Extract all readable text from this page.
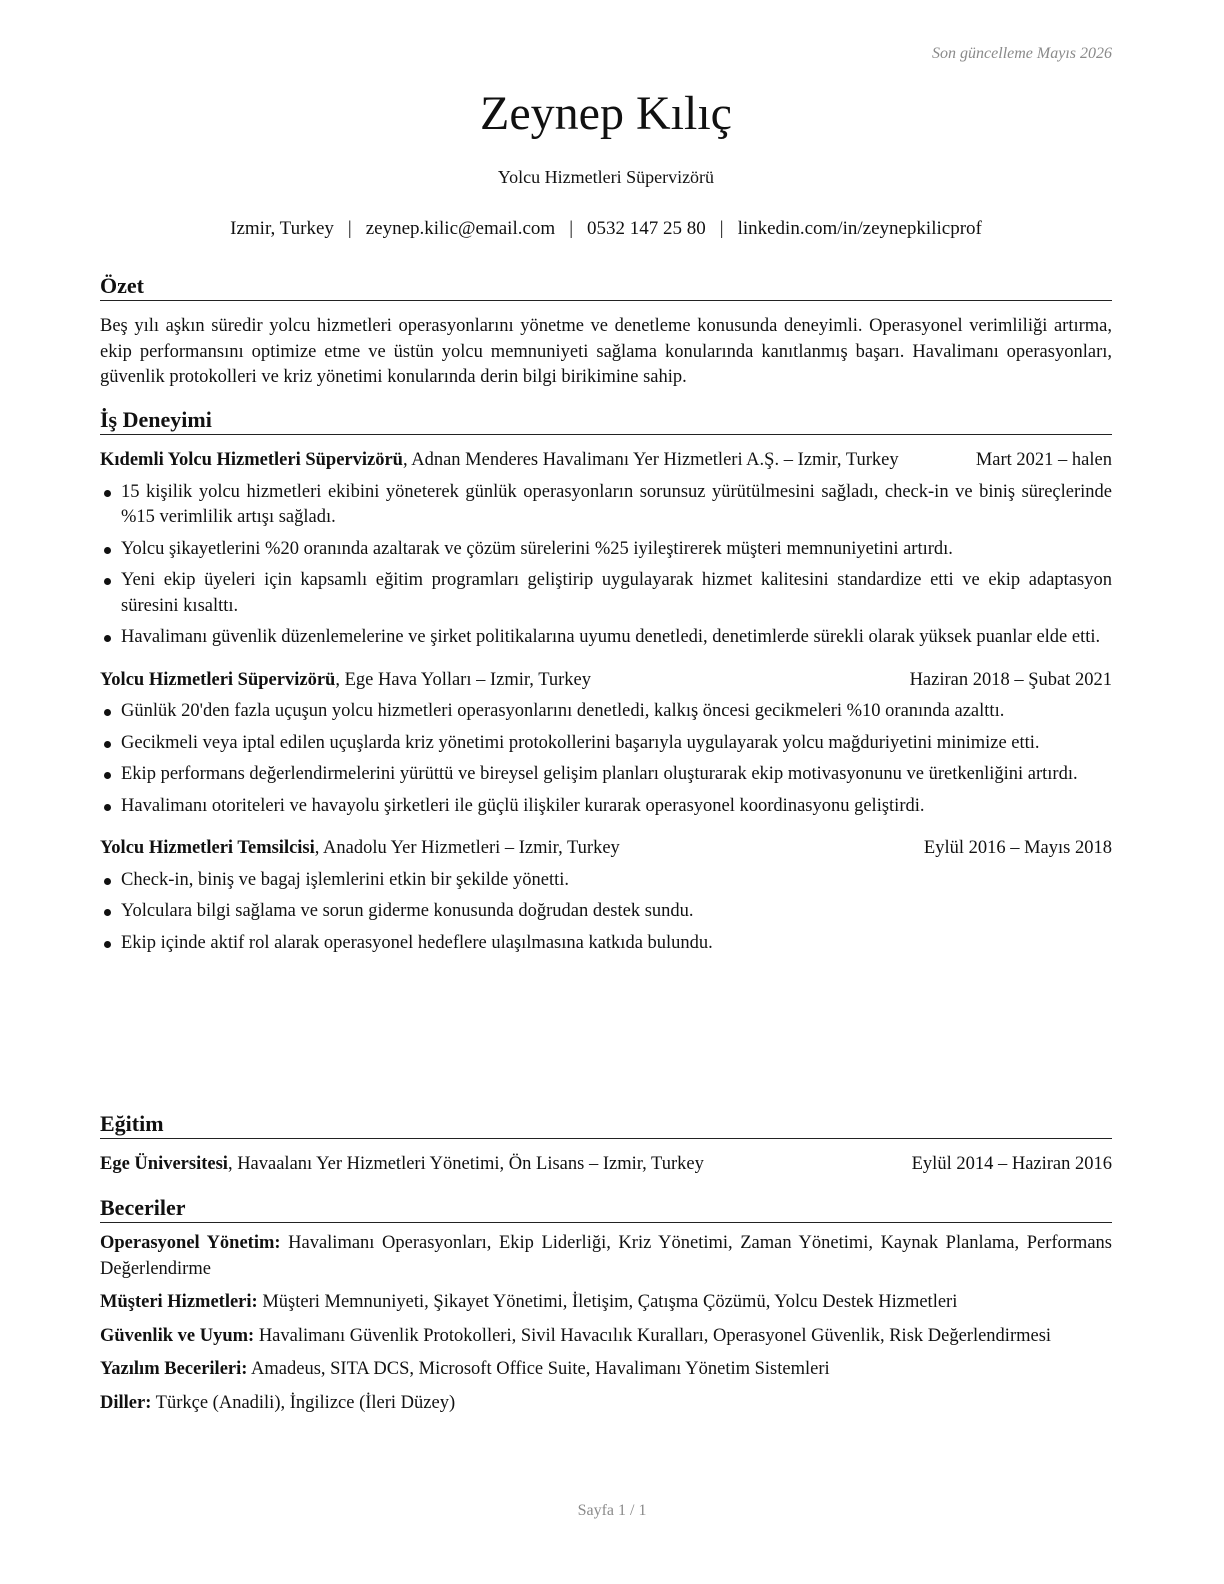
Son güncelleme Mayıs 2026
Zeynep Kılıç
Yolcu Hizmetleri Süpervizörü
Izmir, Turkey | zeynep.kilic@email.com | 0532 147 25 80 | linkedin.com/in/zeynepkilicprof
Özet
Beş yılı aşkın süredir yolcu hizmetleri operasyonlarını yönetme ve denetleme konusunda deneyimli. Operasyonel verimliliği artırma, ekip performansını optimize etme ve üstün yolcu memnuniyeti sağlama konularında kanıtlanmış başarı. Havalimanı operasyonları, güvenlik protokolleri ve kriz yönetimi konularında derin bilgi birikimine sahip.
İş Deneyimi
Kıdemli Yolcu Hizmetleri Süpervizörü, Adnan Menderes Havalimanı Yer Hizmetleri A.Ş. – Izmir, Turkey	Mart 2021 – halen
15 kişilik yolcu hizmetleri ekibini yöneterek günlük operasyonların sorunsuz yürütülmesini sağladı, check-in ve biniş süreçlerinde %15 verimlilik artışı sağladı.
Yolcu şikayetlerini %20 oranında azaltarak ve çözüm sürelerini %25 iyileştirerek müşteri memnuniyetini artırdı.
Yeni ekip üyeleri için kapsamlı eğitim programları geliştirip uygulayarak hizmet kalitesini standardize etti ve ekip adaptasyon süresini kısalttı.
Havalimanı güvenlik düzenlemelerine ve şirket politikalarına uyumu denetledi, denetimlerde sürekli olarak yüksek puanlar elde etti.
Yolcu Hizmetleri Süpervizörü, Ege Hava Yolları – Izmir, Turkey	Haziran 2018 – Şubat 2021
Günlük 20'den fazla uçuşun yolcu hizmetleri operasyonlarını denetledi, kalkış öncesi gecikmeleri %10 oranında azalttı.
Gecikmeli veya iptal edilen uçuşlarda kriz yönetimi protokollerini başarıyla uygulayarak yolcu mağduriyetini minimize etti.
Ekip performans değerlendirmelerini yürüttü ve bireysel gelişim planları oluşturarak ekip motivasyonunu ve üretkenliğini artırdı.
Havalimanı otoriteleri ve havayolu şirketleri ile güçlü ilişkiler kurarak operasyonel koordinasyonu geliştirdi.
Yolcu Hizmetleri Temsilcisi, Anadolu Yer Hizmetleri – Izmir, Turkey	Eylül 2016 – Mayıs 2018
Check-in, biniş ve bagaj işlemlerini etkin bir şekilde yönetti.
Yolculara bilgi sağlama ve sorun giderme konusunda doğrudan destek sundu.
Ekip içinde aktif rol alarak operasyonel hedeflere ulaşılmasına katkıda bulundu.
Eğitim
Ege Üniversitesi, Havaalanı Yer Hizmetleri Yönetimi, Ön Lisans – Izmir, Turkey	Eylül 2014 – Haziran 2016
Beceriler
Operasyonel Yönetim: Havalimanı Operasyonları, Ekip Liderliği, Kriz Yönetimi, Zaman Yönetimi, Kaynak Planlama, Performans Değerlendirme
Müşteri Hizmetleri: Müşteri Memnuniyeti, Şikayet Yönetimi, İletişim, Çatışma Çözümü, Yolcu Destek Hizmetleri
Güvenlik ve Uyum: Havalimanı Güvenlik Protokolleri, Sivil Havacılık Kuralları, Operasyonel Güvenlik, Risk Değerlendirmesi
Yazılım Becerileri: Amadeus, SITA DCS, Microsoft Office Suite, Havalimanı Yönetim Sistemleri
Diller: Türkçe (Anadili), İngilizce (İleri Düzey)
Sayfa 1 / 1
